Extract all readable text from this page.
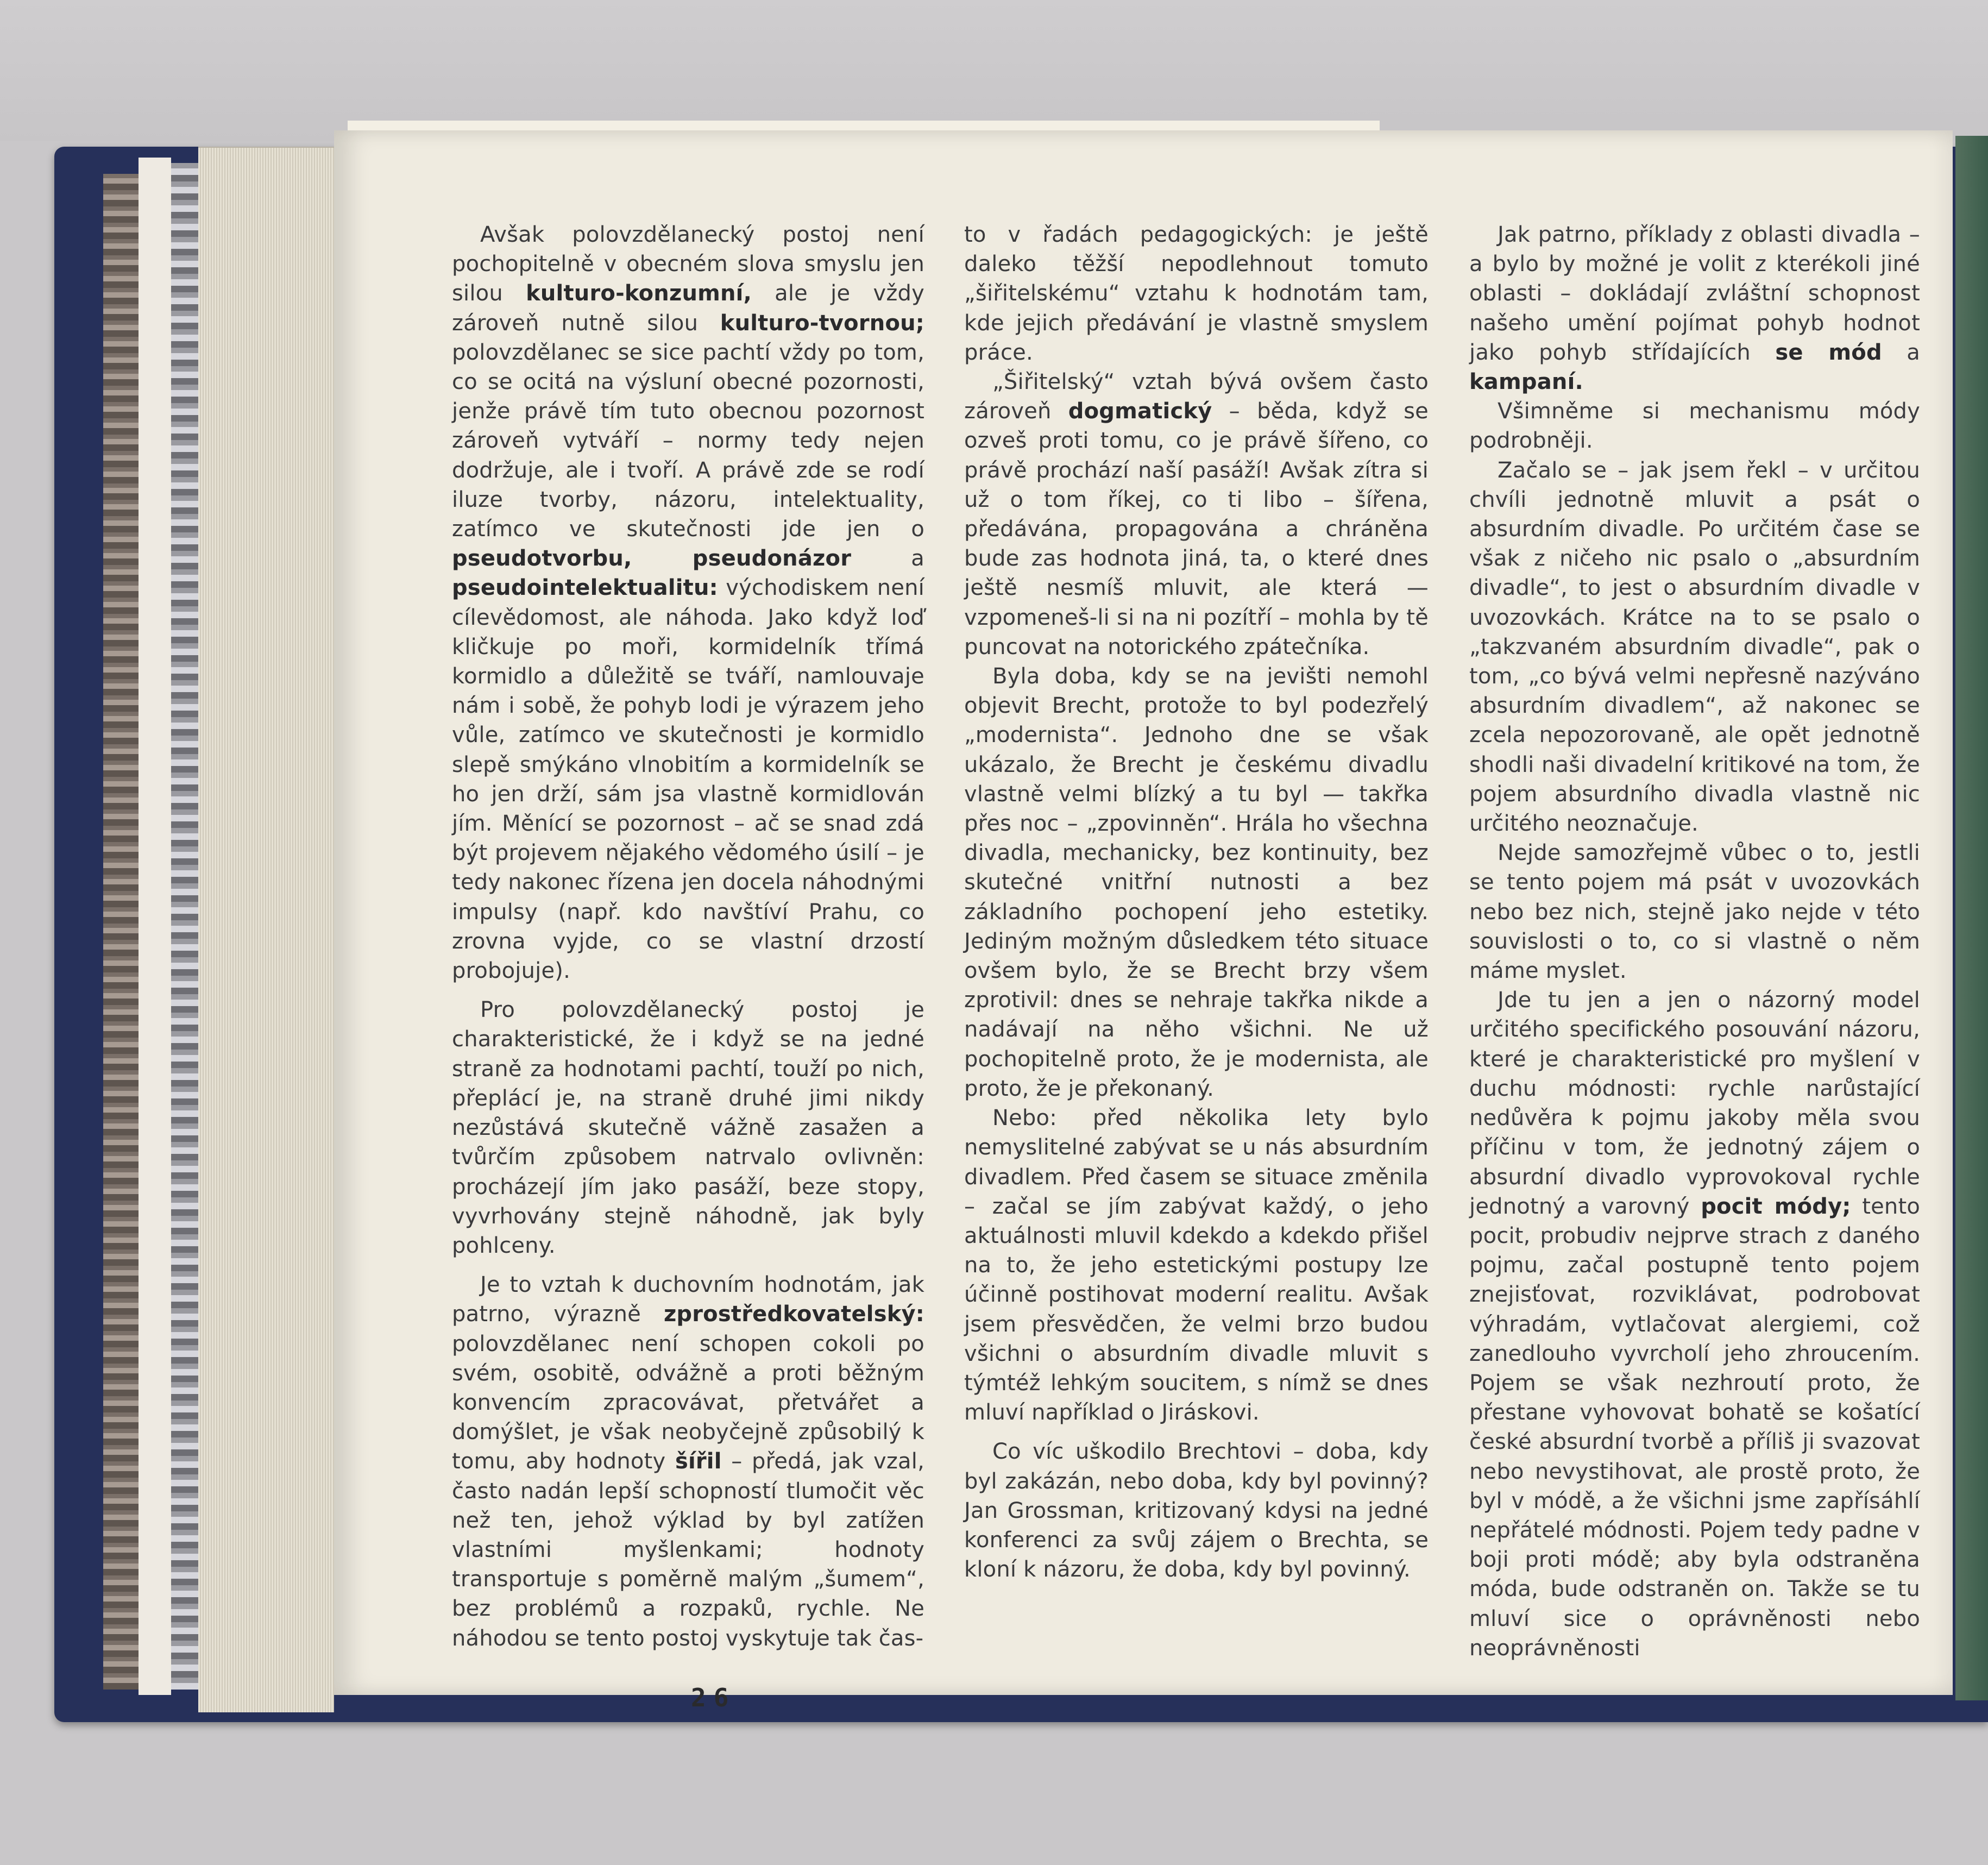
Avšak polovzdělanecký postoj není pochopitelně v obecném slova smyslu jen silou kulturo-konzumní, ale je vždy zároveň nutně silou kulturo-tvornou; polovzdělanec se sice pachtí vždy po tom, co se ocitá na výsluní obecné pozornosti, jenže právě tím tuto obecnou pozornost zároveň vytváří – normy tedy nejen dodržuje, ale i tvoří. A právě zde se rodí iluze tvorby, názoru, intelektuality, zatímco ve skutečnosti jde jen o pseudotvorbu, pseudonázor a pseudointelektualitu: východiskem není cílevědomost, ale náhoda. Jako když loď kličkuje po moři, kormidelník třímá kormidlo a důležitě se tváří, namlouvaje nám i sobě, že pohyb lodi je výrazem jeho vůle, zatímco ve skutečnosti je kormidlo slepě smýkáno vlnobitím a kormidelník se ho jen drží, sám jsa vlastně kormidlován jím. Měnící se pozornost – ač se snad zdá být projevem nějakého vědomého úsilí – je tedy nakonec řízena jen docela náhodnými impulsy (např. kdo navštíví Prahu, co zrovna vyjde, co se vlastní drzostí probojuje).

Pro polovzdělanecký postoj je charakteristické, že i když se na jedné straně za hodnotami pachtí, touží po nich, přeplácí je, na straně druhé jimi nikdy nezůstává skutečně vážně zasažen a tvůrčím způsobem natrvalo ovlivněn: procházejí jím jako pasáží, beze stopy, vyvrhovány stejně náhodně, jak byly pohlceny.

Je to vztah k duchovním hodnotám, jak patrno, výrazně zprostředkovatelský: polovzdělanec není schopen cokoli po svém, osobitě, odvážně a proti běžným konvencím zpracovávat, přetvářet a domýšlet, je však neobyčejně způsobilý k tomu, aby hodnoty šířil – předá, jak vzal, často nadán lepší schopností tlumočit věc než ten, jehož výklad by byl zatížen vlastními myšlenkami; hodnoty transportuje s poměrně malým „šumem“, bez problémů a rozpaků, rychle. Ne náhodou se tento postoj vyskytuje tak čas-

to v řadách pedagogických: je ještě daleko těžší nepodlehnout tomuto „šiřitelskému“ vztahu k hodnotám tam, kde jejich předávání je vlastně smyslem práce.

„Šiřitelský“ vztah bývá ovšem často zároveň dogmatický – běda, když se ozveš proti tomu, co je právě šířeno, co právě prochází naší pasáží! Avšak zítra si už o tom říkej, co ti libo – šířena, předávána, propagována a chráněna bude zas hodnota jiná, ta, o které dnes ještě nesmíš mluvit, ale která — vzpomeneš-li si na ni pozítří – mohla by tě puncovat na notorického zpátečníka.

Byla doba, kdy se na jevišti nemohl objevit Brecht, protože to byl podezřelý „modernista“. Jednoho dne se však ukázalo, že Brecht je českému divadlu vlastně velmi blízký a tu byl — takřka přes noc – „zpovinněn“. Hrála ho všechna divadla, mechanicky, bez kontinuity, bez skutečné vnitřní nutnosti a bez základního pochopení jeho estetiky. Jediným možným důsledkem této situace ovšem bylo, že se Brecht brzy všem zprotivil: dnes se nehraje takřka nikde a nadávají na něho všichni. Ne už pochopitelně proto, že je modernista, ale proto, že je překonaný.

Nebo: před několika lety bylo nemyslitelné zabývat se u nás absurdním divadlem. Před časem se situace změnila – začal se jím zabývat každý, o jeho aktuálnosti mluvil kdekdo a kdekdo přišel na to, že jeho estetickými postupy lze účinně postihovat moderní realitu. Avšak jsem přesvědčen, že velmi brzo budou všichni o absurdním divadle mluvit s týmtéž lehkým soucitem, s nímž se dnes mluví například o Jiráskovi.

Co víc uškodilo Brechtovi – doba, kdy byl zakázán, nebo doba, kdy byl povinný? Jan Grossman, kritizovaný kdysi na jedné konferenci za svůj zájem o Brechta, se kloní k názoru, že doba, kdy byl povinný.

Jak patrno, příklady z oblasti divadla – a bylo by možné je volit z kterékoli jiné oblasti – dokládají zvláštní schopnost našeho umění pojímat pohyb hodnot jako pohyb střídajících se mód a kampaní.

Všimněme si mechanismu módy podrobněji.

Začalo se – jak jsem řekl – v určitou chvíli jednotně mluvit a psát o absurdním divadle. Po určitém čase se však z ničeho nic psalo o „absurdním divadle“, to jest o absurdním divadle v uvozovkách. Krátce na to se psalo o „takzvaném absurdním divadle“, pak o tom, „co bývá velmi nepřesně nazýváno absurdním divadlem“, až nakonec se zcela nepozorovaně, ale opět jednotně shodli naši divadelní kritikové na tom, že pojem absurdního divadla vlastně nic určitého neoznačuje.

Nejde samozřejmě vůbec o to, jestli se tento pojem má psát v uvozovkách nebo bez nich, stejně jako nejde v této souvislosti o to, co si vlastně o něm máme myslet.

Jde tu jen a jen o názorný model určitého specifického posouvání názoru, které je charakteristické pro myšlení v duchu módnosti: rychle narůstající nedůvěra k pojmu jakoby měla svou příčinu v tom, že jednotný zájem o absurdní divadlo vyprovokoval rychle jednotný a varovný pocit módy; tento pocit, probudiv nejprve strach z daného pojmu, začal postupně tento pojem znejisťovat, rozviklávat, podrobovat výhradám, vytlačovat alergiemi, což zanedlouho vyvrcholí jeho zhroucením. Pojem se však nezhroutí proto, že přestane vyhovovat bohatě se košatící české absurdní tvorbě a příliš ji svazovat nebo nevystihovat, ale prostě proto, že byl v módě, a že všichni jsme zapřísáhlí nepřátelé módnosti. Pojem tedy padne v boji proti módě; aby byla odstraněna móda, bude odstraněn on. Takže se tu mluví sice o oprávněnosti nebo neoprávněnosti

26
